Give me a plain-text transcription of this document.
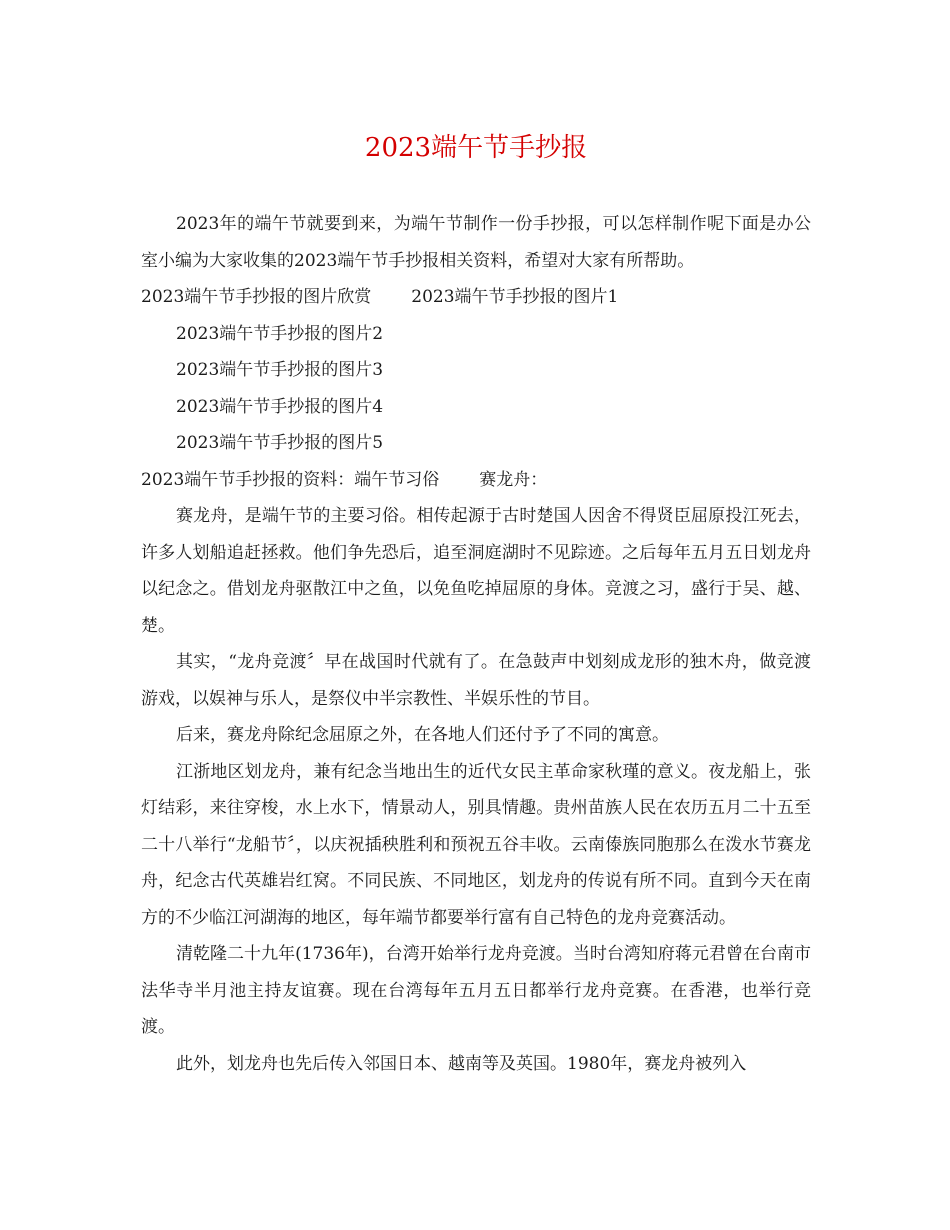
2023端午节手抄报

2023年的端午节就要到来，为端午节制作一份手抄报，可以怎样制作呢下面是办公室小编为大家收集的2023端午节手抄报相关资料，希望对大家有所帮助。

2023端午节手抄报的图片欣赏 2023端午节手抄报的图片1

2023端午节手抄报的图片2

2023端午节手抄报的图片3

2023端午节手抄报的图片4

2023端午节手抄报的图片5

2023端午节手抄报的资料：端午节习俗 赛龙舟：

赛龙舟，是端午节的主要习俗。相传起源于古时楚国人因舍不得贤臣屈原投江死去，许多人划船追赶拯救。他们争先恐后，追至洞庭湖时不见踪迹。之后每年五月五日划龙舟以纪念之。借划龙舟驱散江中之鱼，以免鱼吃掉屈原的身体。竞渡之习，盛行于吴、越、楚。

其实，“龙舟竞渡〞早在战国时代就有了。在急鼓声中划刻成龙形的独木舟，做竞渡游戏，以娱神与乐人，是祭仪中半宗教性、半娱乐性的节目。

后来，赛龙舟除纪念屈原之外，在各地人们还付予了不同的寓意。

江浙地区划龙舟，兼有纪念当地出生的近代女民主革命家秋瑾的意义。夜龙船上，张灯结彩，来往穿梭，水上水下，情景动人，别具情趣。贵州苗族人民在农历五月二十五至二十八举行“龙船节〞，以庆祝插秧胜利和预祝五谷丰收。云南傣族同胞那么在泼水节赛龙舟，纪念古代英雄岩红窝。不同民族、不同地区，划龙舟的传说有所不同。直到今天在南方的不少临江河湖海的地区，每年端节都要举行富有自己特色的龙舟竞赛活动。

清乾隆二十九年(1736年)，台湾开始举行龙舟竞渡。当时台湾知府蒋元君曾在台南市法华寺半月池主持友谊赛。现在台湾每年五月五日都举行龙舟竞赛。在香港，也举行竞渡。

此外，划龙舟也先后传入邻国日本、越南等及英国。1980年，赛龙舟被列入
